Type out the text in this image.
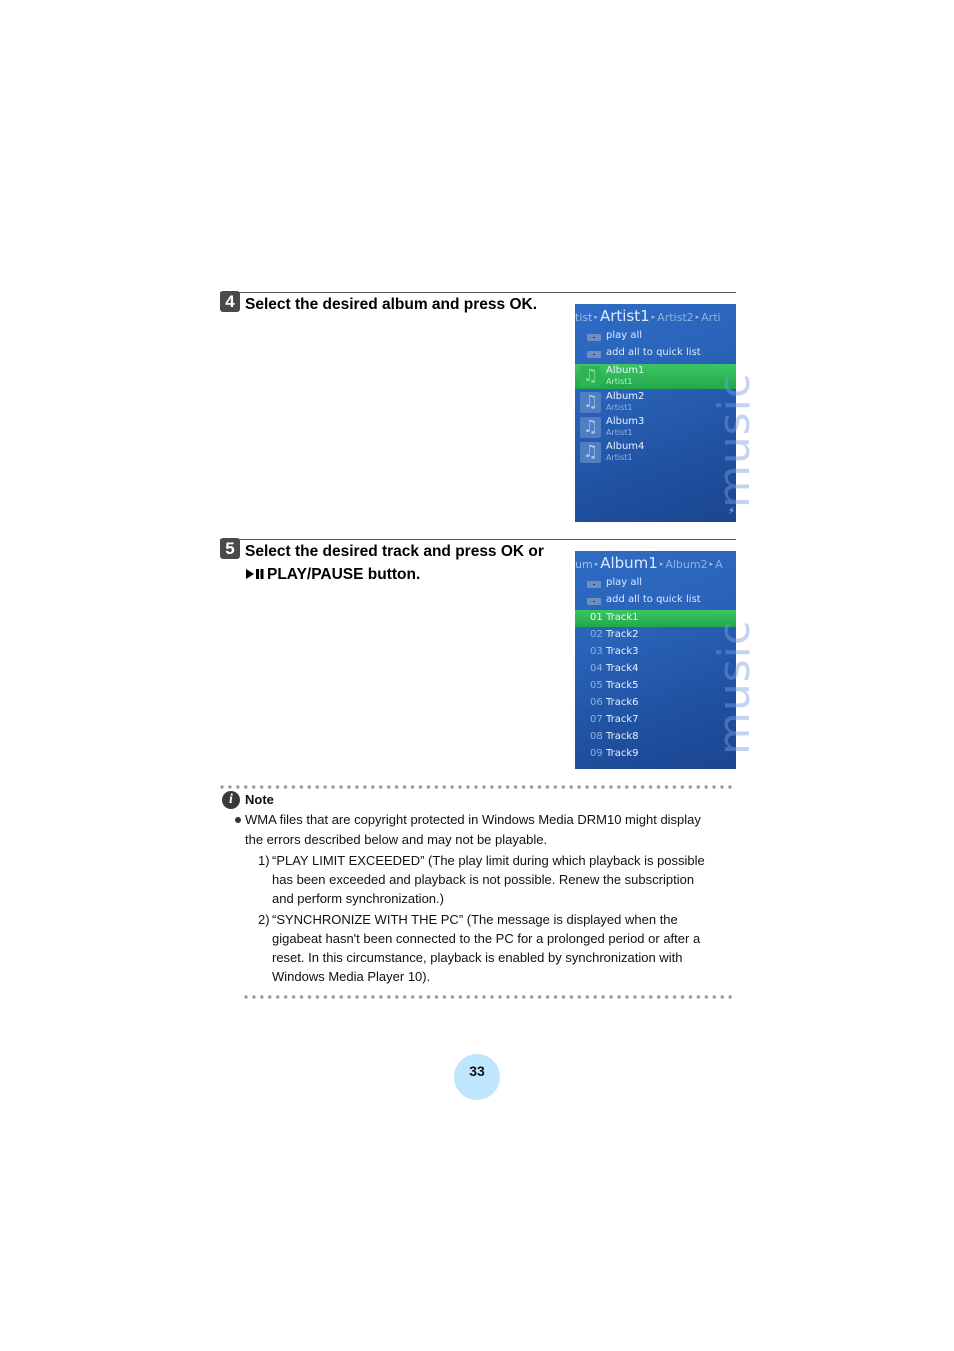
4 Select the desired album and press OK.
tist ▸ Artist1 ▸ Artist2 ▸ Arti
play all
add all to quick list
♫ Album1
Artist1
♫ Album2
Artist1
♫ Album3
Artist1
♫ Album4
Artist1 music
⚡
5 Select the desired track and press OK or
PLAY/PAUSE button.
um ▸ Album1 ▸ Album2 ▸ A
play all
add all to quick list
01 Track1
02 Track2
03 Track3
04 Track4
05 Track5
06 Track6
07 Track7
08 Track8
09 Track9 music
i Note
WMA files that are copyright protected in Windows Media DRM10 might display
the errors described below and may not be playable.
1) “PLAY LIMIT EXCEEDED” (The play limit during which playback is possible
has been exceeded and playback is not possible. Renew the subscription
and perform synchronization.)
2) “SYNCHRONIZE WITH THE PC” (The message is displayed when the
gigabeat hasn't been connected to the PC for a prolonged period or after a
reset. In this circumstance, playback is enabled by synchronization with
Windows Media Player 10).
33
